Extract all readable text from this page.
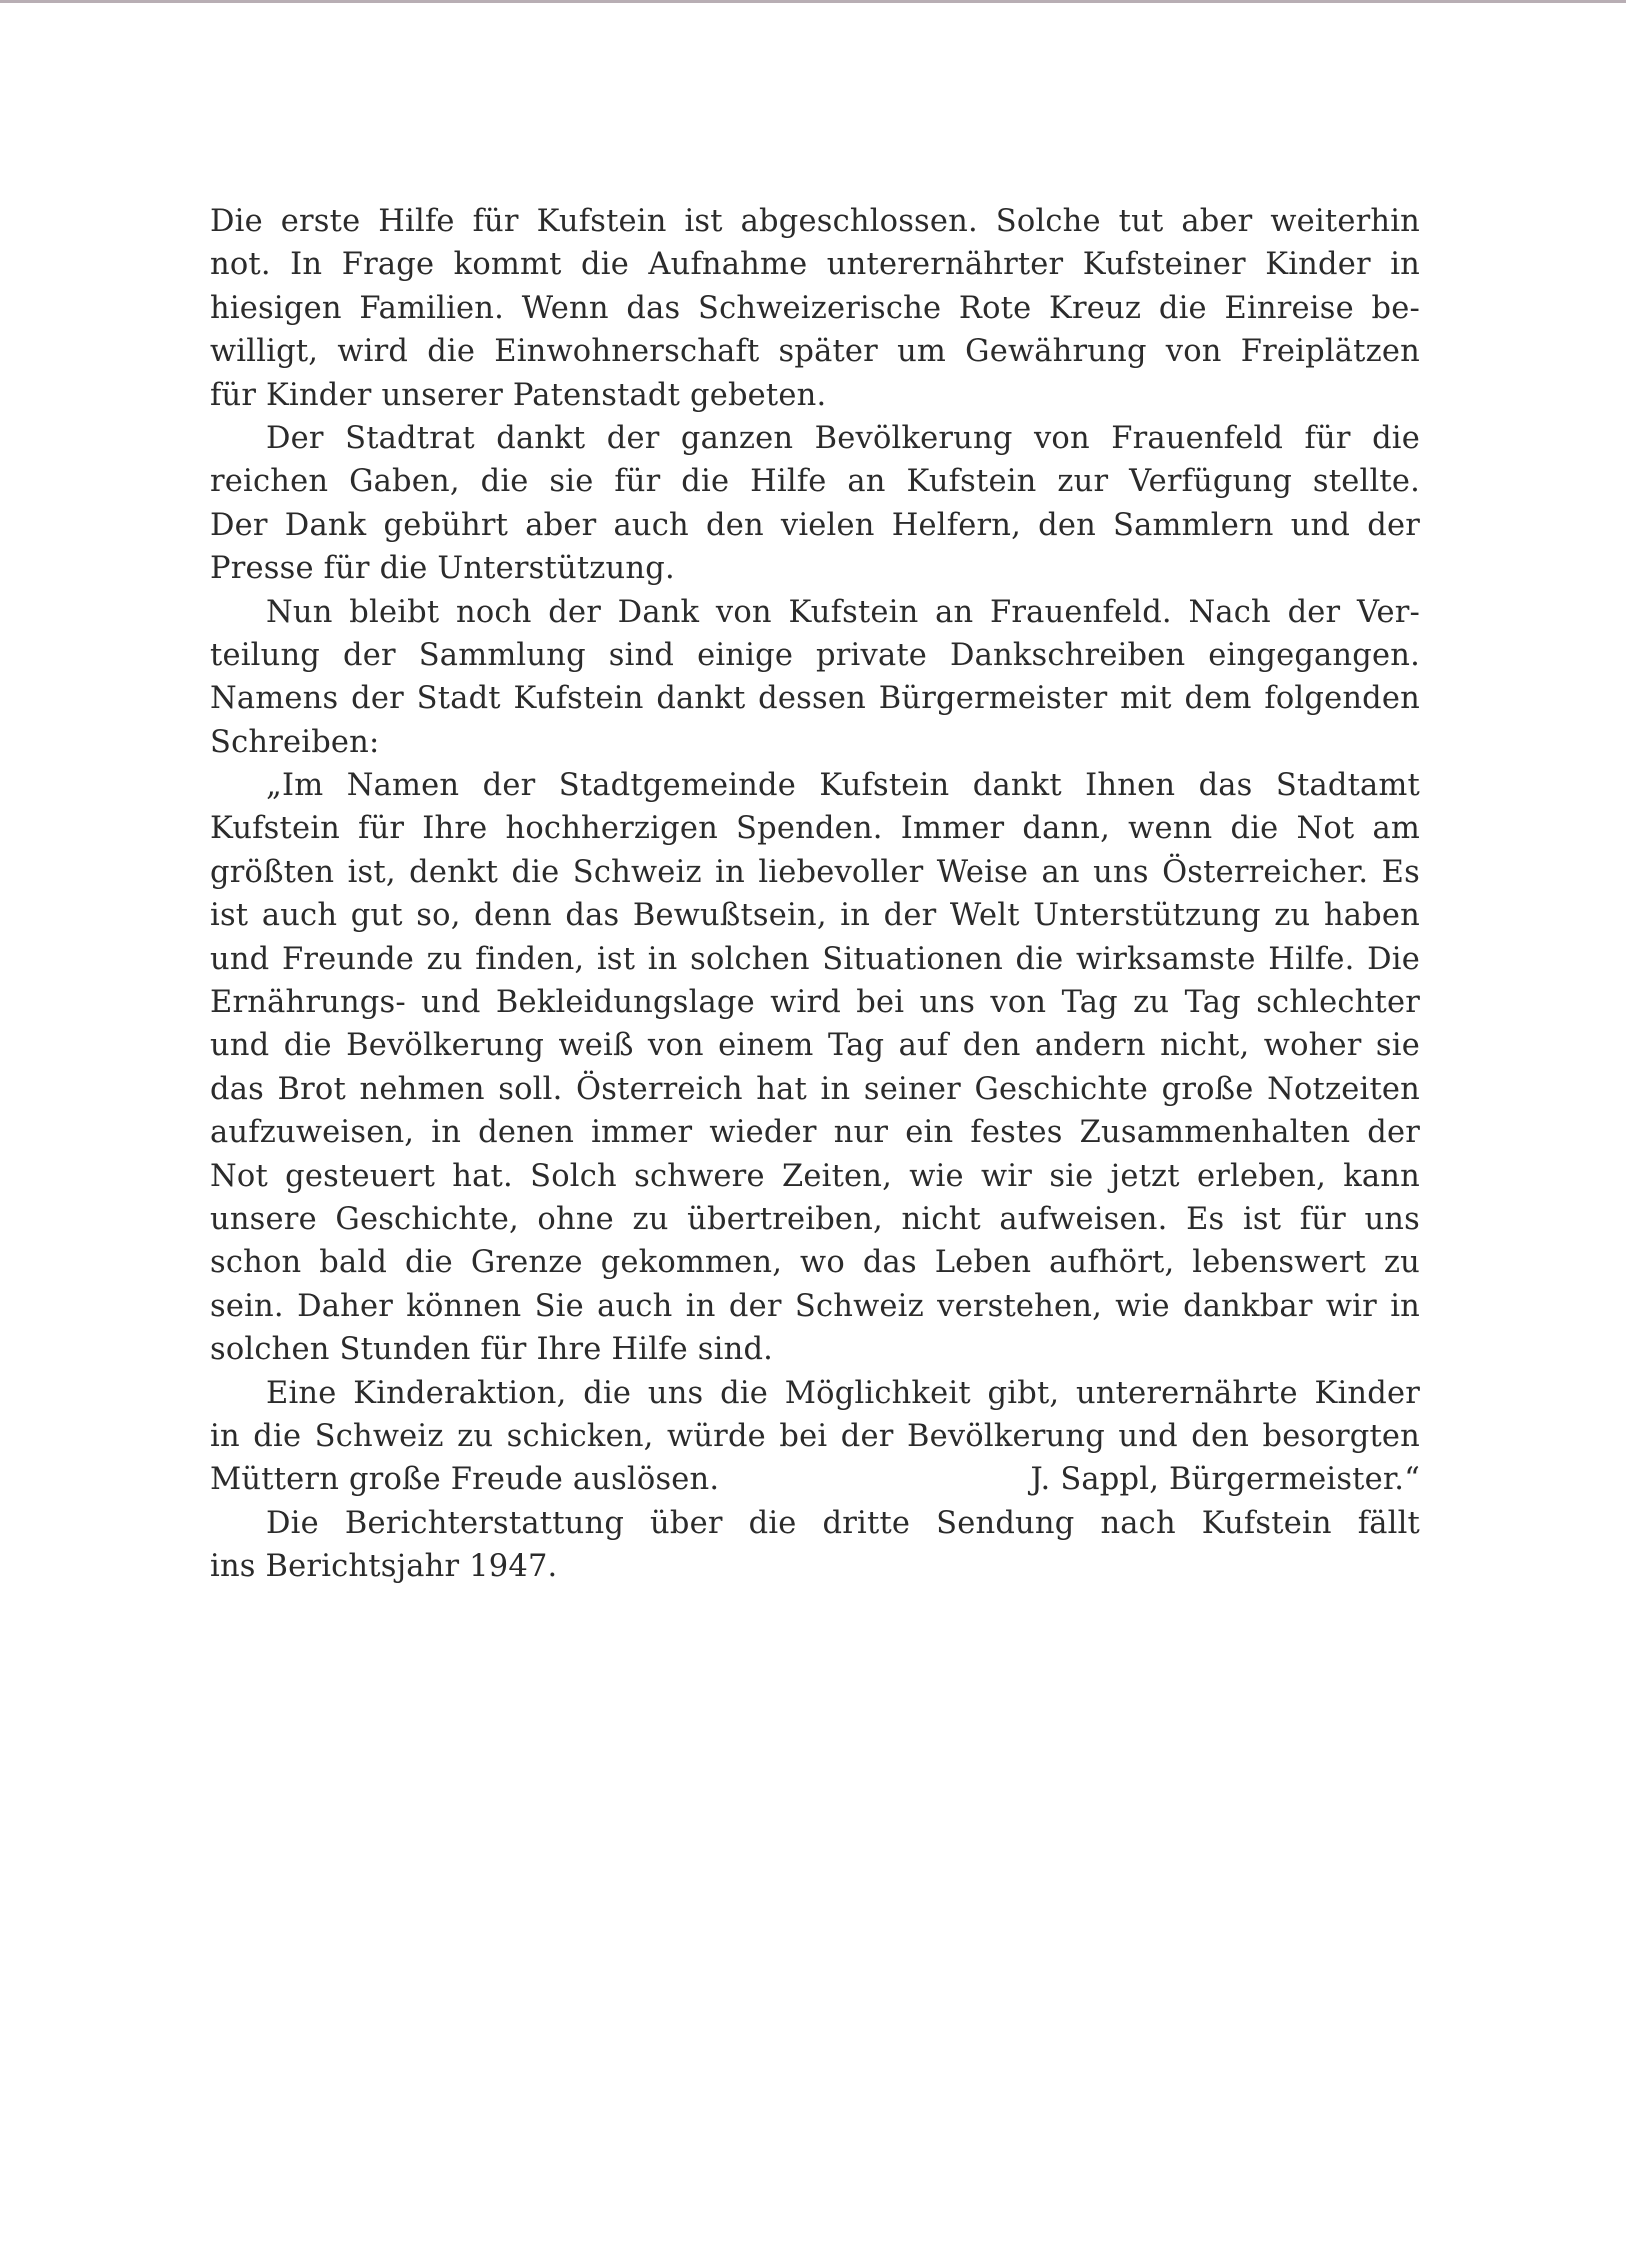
Die erste Hilfe für Kufstein ist abgeschlossen. Solche tut aber weiterhin
not. In Frage kommt die Aufnahme unterernährter Kufsteiner Kinder in
hiesigen Familien. Wenn das Schweizerische Rote Kreuz die Einreise be-
willigt, wird die Einwohnerschaft später um Gewährung von Freiplätzen
für Kinder unserer Patenstadt gebeten.
Der Stadtrat dankt der ganzen Bevölkerung von Frauenfeld für die
reichen Gaben, die sie für die Hilfe an Kufstein zur Verfügung stellte.
Der Dank gebührt aber auch den vielen Helfern, den Sammlern und der
Presse für die Unterstützung.
Nun bleibt noch der Dank von Kufstein an Frauenfeld. Nach der Ver-
teilung der Sammlung sind einige private Dankschreiben eingegangen.
Namens der Stadt Kufstein dankt dessen Bürgermeister mit dem folgenden
Schreiben:
„Im Namen der Stadtgemeinde Kufstein dankt Ihnen das Stadtamt
Kufstein für Ihre hochherzigen Spenden. Immer dann, wenn die Not am
größten ist, denkt die Schweiz in liebevoller Weise an uns Österreicher. Es
ist auch gut so, denn das Bewußtsein, in der Welt Unterstützung zu haben
und Freunde zu finden, ist in solchen Situationen die wirksamste Hilfe. Die
Ernährungs- und Bekleidungslage wird bei uns von Tag zu Tag schlechter
und die Bevölkerung weiß von einem Tag auf den andern nicht, woher sie
das Brot nehmen soll. Österreich hat in seiner Geschichte große Notzeiten
aufzuweisen, in denen immer wieder nur ein festes Zusammenhalten der
Not gesteuert hat. Solch schwere Zeiten, wie wir sie jetzt erleben, kann
unsere Geschichte, ohne zu übertreiben, nicht aufweisen. Es ist für uns
schon bald die Grenze gekommen, wo das Leben aufhört, lebenswert zu
sein. Daher können Sie auch in der Schweiz verstehen, wie dankbar wir in
solchen Stunden für Ihre Hilfe sind.
Eine Kinderaktion, die uns die Möglichkeit gibt, unterernährte Kinder
in die Schweiz zu schicken, würde bei der Bevölkerung und den besorgten
Müttern große Freude auslösen.	J. Sappl, Bürgermeister.“
Die Berichterstattung über die dritte Sendung nach Kufstein fällt
ins Berichtsjahr 1947.
